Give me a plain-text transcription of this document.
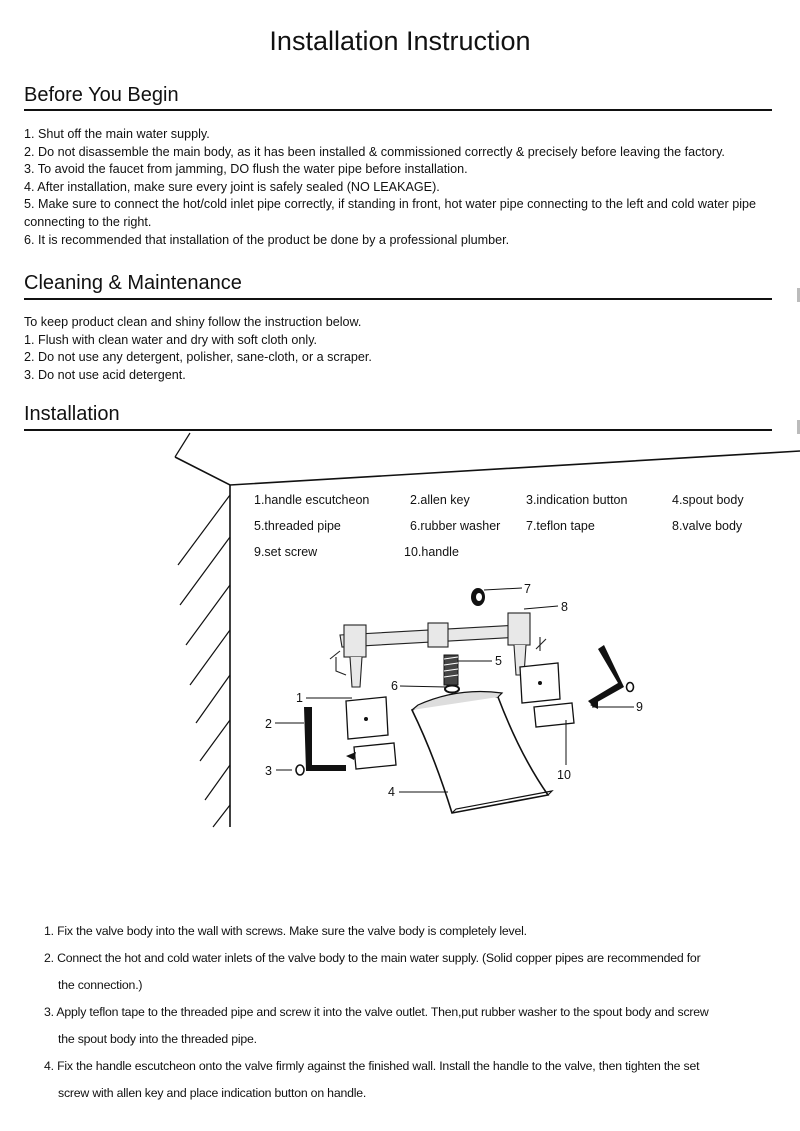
Installation Instruction
Before You Begin
1. Shut off the main water supply.
2. Do not disassemble the main body, as it has been installed & commissioned correctly & precisely before leaving the factory.
3. To avoid the faucet from jamming, DO flush the water pipe before installation.
4. After installation, make sure every joint is safely sealed (NO LEAKAGE).
5. Make sure to connect the hot/cold inlet pipe correctly, if standing in front, hot water pipe connecting to the left and cold water pipe connecting to the right.
6. It is recommended that installation of the product be done by a professional plumber.
Cleaning & Maintenance
To keep product clean and shiny follow the instruction below.
1. Flush with clean water and dry with soft cloth only.
2. Do not use any detergent, polisher, sane-cloth, or a scraper.
3. Do not use acid detergent.
Installation
1.handle escutcheon	2.allen key	3.indication button	4.spout body
5.threaded pipe	6.rubber washer 7.teflon tape	8.valve body
9.set screw	10.handle
1
2
3
4
5
6
7
8
9
10
1. Fix the valve body into the wall with screws. Make sure the valve body is completely level.
2. Connect the hot and cold water inlets of the valve body to the main water supply. (Solid copper pipes are recommended for
the connection.)
3. Apply teflon tape to the threaded pipe and screw it into the valve outlet. Then,put rubber washer to the spout body and screw
the spout body into the threaded pipe.
4. Fix the handle escutcheon onto the valve firmly against the finished wall. Install the handle to the valve, then tighten the set
screw with allen key and place indication button on handle.
